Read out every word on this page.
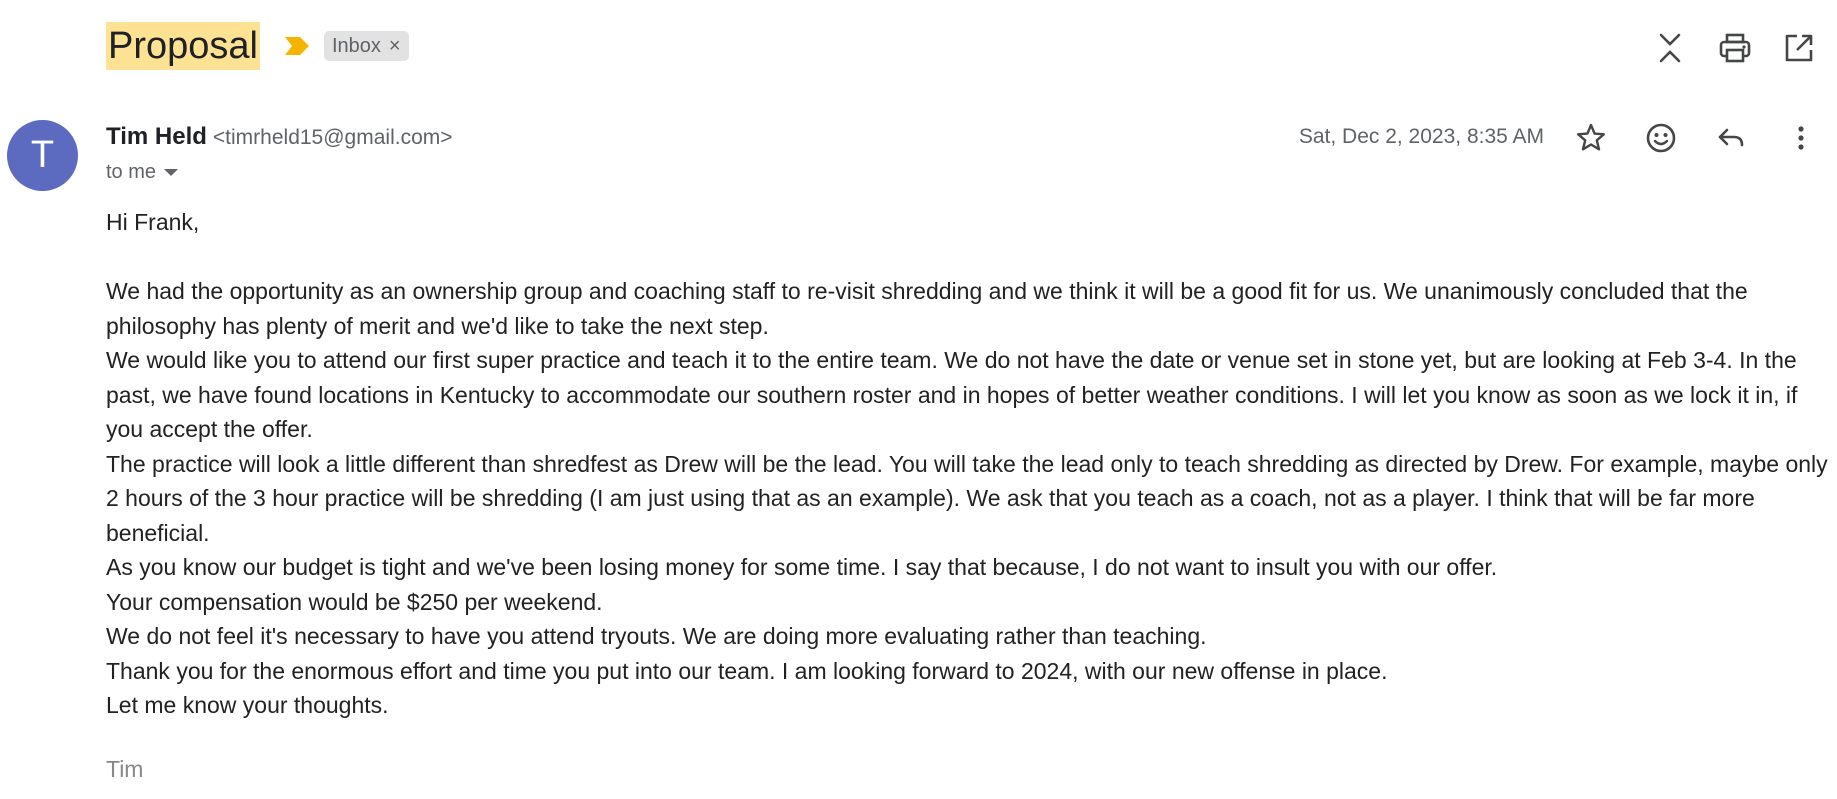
Proposal	Inbox ×
T	Tim Held <timrheld15@gmail.com>
to me
Sat, Dec 2, 2023, 8:35 AM

Hi Frank,

We had the opportunity as an ownership group and coaching staff to re-visit shredding and we think it will be a good fit for us. We unanimously concluded that the philosophy has plenty of merit and we'd like to take the next step.

We would like you to attend our first super practice and teach it to the entire team. We do not have the date or venue set in stone yet, but are looking at Feb 3-4. In the past, we have found locations in Kentucky to accommodate our southern roster and in hopes of better weather conditions. I will let you know as soon as we lock it in, if you accept the offer.

The practice will look a little different than shredfest as Drew will be the lead. You will take the lead only to teach shredding as directed by Drew. For example, maybe only 2 hours of the 3 hour practice will be shredding (I am just using that as an example). We ask that you teach as a coach, not as a player. I think that will be far more beneficial.

As you know our budget is tight and we've been losing money for some time. I say that because, I do not want to insult you with our offer.

Your compensation would be $250 per weekend.

We do not feel it's necessary to have you attend tryouts. We are doing more evaluating rather than teaching.

Thank you for the enormous effort and time you put into our team. I am looking forward to 2024, with our new offense in place.

Let me know your thoughts.

Tim
